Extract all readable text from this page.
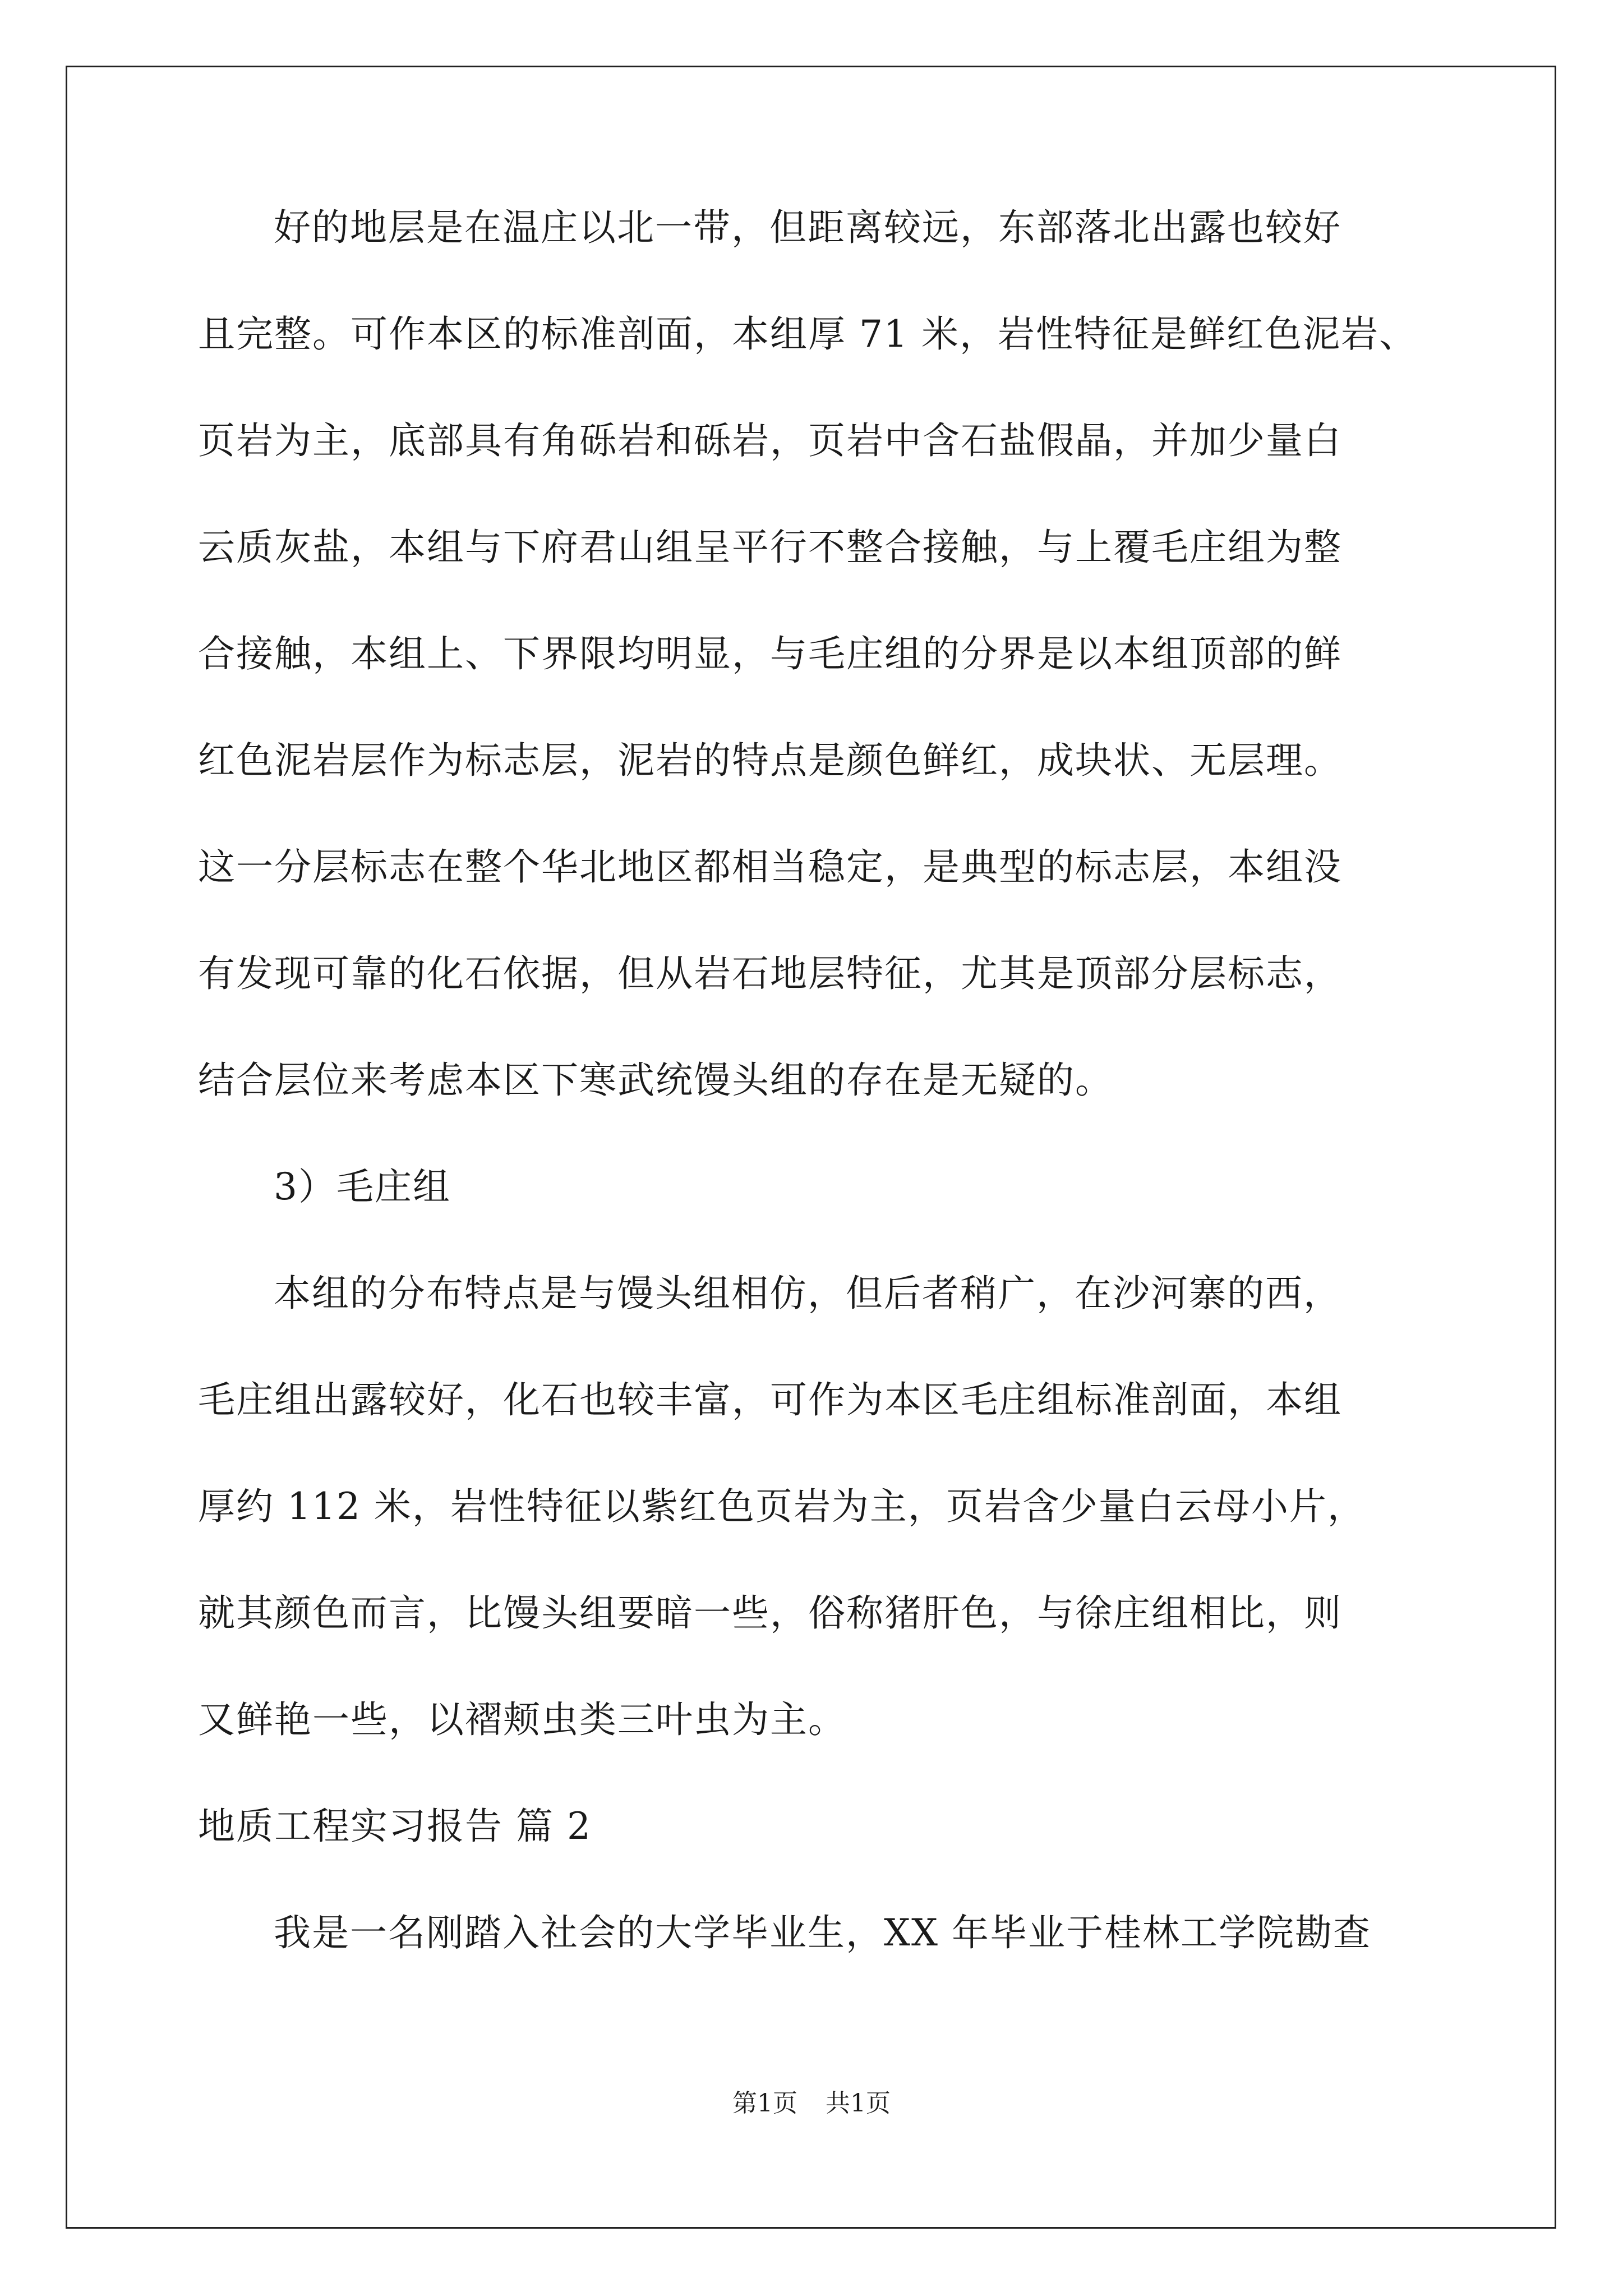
好的地层是在温庄以北一带，但距离较远，东部落北出露也较好
且完整。可作本区的标准剖面，本组厚 71 米，岩性特征是鲜红色泥岩、
页岩为主，底部具有角砾岩和砾岩，页岩中含石盐假晶，并加少量白
云质灰盐，本组与下府君山组呈平行不整合接触，与上覆毛庄组为整
合接触，本组上、下界限均明显，与毛庄组的分界是以本组顶部的鲜
红色泥岩层作为标志层，泥岩的特点是颜色鲜红，成块状、无层理。
这一分层标志在整个华北地区都相当稳定，是典型的标志层，本组没
有发现可靠的化石依据，但从岩石地层特征，尤其是顶部分层标志，
结合层位来考虑本区下寒武统馒头组的存在是无疑的。
3）毛庄组
本组的分布特点是与馒头组相仿，但后者稍广，在沙河寨的西，
毛庄组出露较好，化石也较丰富，可作为本区毛庄组标准剖面，本组
厚约 112 米，岩性特征以紫红色页岩为主，页岩含少量白云母小片，
就其颜色而言，比馒头组要暗一些，俗称猪肝色，与徐庄组相比，则
又鲜艳一些，以褶颊虫类三叶虫为主。
地质工程实习报告 篇 2
我是一名刚踏入社会的大学毕业生，XX 年毕业于桂林工学院勘查
第1页 共1页
